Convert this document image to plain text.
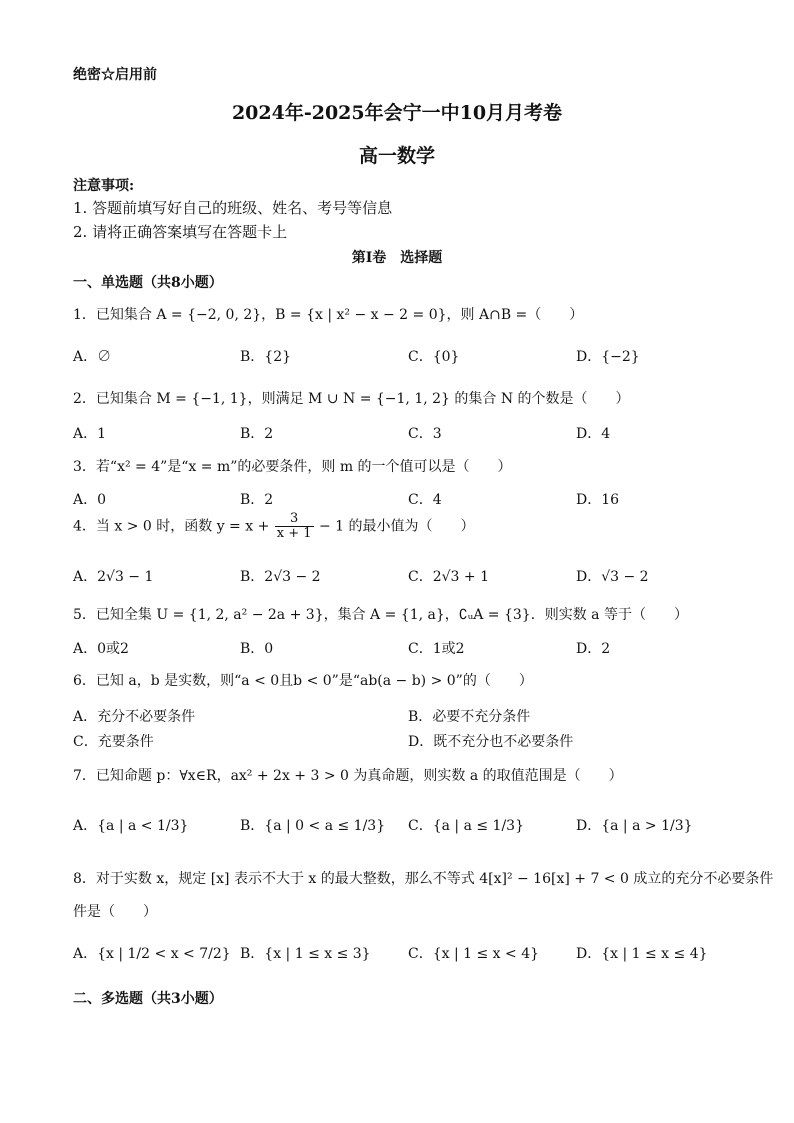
绝密☆启用前
2024年-2025年会宁一中10月月考卷
高一数学
注意事项:
1. 答题前填写好自己的班级、姓名、考号等信息
2. 请将正确答案填写在答题卡上
第Ⅰ卷　选择题
一、单选题（共8小题）
1．已知集合 A = {−2, 0, 2}，B = {x | x² − x − 2 = 0}，则 A∩B =（　　）
A．∅	B．{2}	C．{0}	D．{−2}
2．已知集合 M = {−1, 1}，则满足 M ∪ N = {−1, 1, 2} 的集合 N 的个数是（　　）
A．1	B．2	C．3	D．4
3．若“x² = 4”是“x = m”的必要条件，则 m 的一个值可以是（　　）
A．0	B．2	C．4	D．16
4．当 x > 0 时，函数 $y = x + \frac{3}{x + 1} - 1$ 的最小值为（　　）
A．2√3 − 1	B．2√3 − 2	C．2√3 + 1	D．√3 − 2
5．已知全集 U = {1, 2, a² − 2a + 3}，集合 A = {1, a}，∁ᵤA = {3}．则实数 a 等于（　　）
A．0或2	B．0	C．1或2	D．2
6．已知 a，b 是实数，则“a < 0且b < 0”是“ab(a − b) > 0”的（　　）
A．充分不必要条件	B．必要不充分条件
C．充要条件	D．既不充分也不必要条件
7．已知命题 p：∀x∈R，ax² + 2x + 3 > 0 为真命题，则实数 a 的取值范围是（　　）
A．{a | a < 1/3}	B．{a | 0 < a ≤ 1/3} C．{a | a ≤ 1/3}	D．{a | a > 1/3}
8．对于实数 x，规定 [x] 表示不大于 x 的最大整数，那么不等式 4[x]² − 16[x] + 7 < 0 成立的充分不必要条件
件是（　　）
A．{x | 1/2 < x < 7/2} B．{x | 1 ≤ x ≤ 3}	C．{x | 1 ≤ x < 4}	D．{x | 1 ≤ x ≤ 4}
二、多选题（共3小题）
